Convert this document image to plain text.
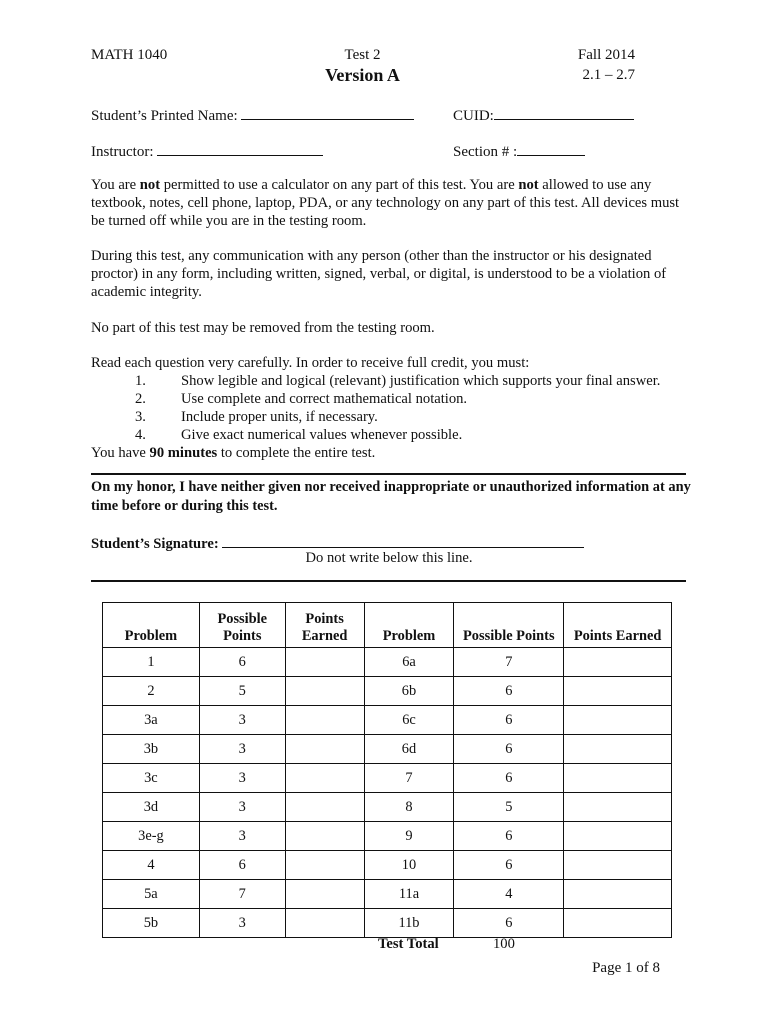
MATH 1040	Test 2	Fall 2014
Version A	2.1 – 2.7
Student’s Printed Name:	CUID:
Instructor:	Section # :
You are not permitted to use a calculator on any part of this test. You are not allowed to use any textbook, notes, cell phone, laptop, PDA, or any technology on any part of this test. All devices must be turned off while you are in the testing room.
During this test, any communication with any person (other than the instructor or his designated proctor) in any form, including written, signed, verbal, or digital, is understood to be a violation of academic integrity.
No part of this test may be removed from the testing room.
Read each question very carefully. In order to receive full credit, you must:
1. Show legible and logical (relevant) justification which supports your final answer.
2. Use complete and correct mathematical notation.
3. Include proper units, if necessary.
4. Give exact numerical values whenever possible.
You have 90 minutes to complete the entire test.
On my honor, I have neither given nor received inappropriate or unauthorized information at any time before or during this test.
Student’s Signature:
Do not write below this line.
Problem	Possible Points	Points Earned	Problem	Possible Points	Points Earned
1	6		6a	7	
2	5		6b	6	
3a	3		6c	6	
3b	3		6d	6	
3c	3		7	6	
3d	3		8	5	
3e-g	3		9	6	
4	6		10	6	
5a	7		11a	4	
5b	3		11b	6	
Test Total	100
Page 1 of 8
